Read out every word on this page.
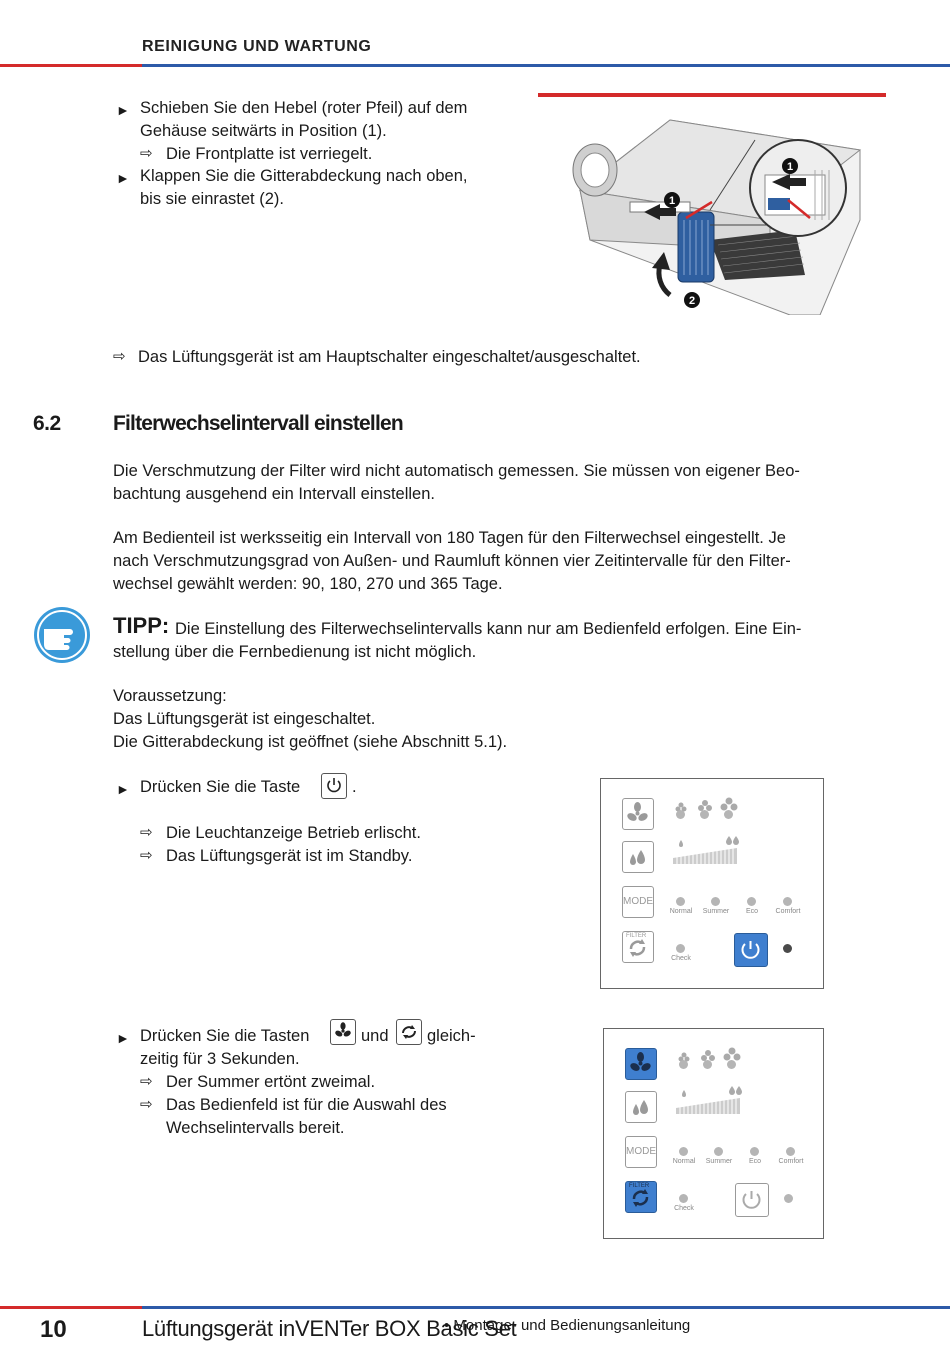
REINIGUNG UND WARTUNG
► Schieben Sie den Hebel (roter Pfeil) auf dem
Gehäuse seitwärts in Position (1).
⇨ Die Frontplatte ist verriegelt.
► Klappen Sie die Gitterabdeckung nach oben,
bis sie einrastet (2).	1
2
1
⇨ Das Lüftungsgerät ist am Hauptschalter eingeschaltet/ausgeschaltet.
6.2 Filterwechselintervall einstellen
Die Verschmutzung der Filter wird nicht automatisch gemessen. Sie müssen von eigener Beo-
bachtung ausgehend ein Intervall einstellen.
Am Bedienteil ist werksseitig ein Intervall von 180 Tagen für den Filterwechsel eingestellt. Je
nach Verschmutzungsgrad von Außen- und Raumluft können vier Zeitintervalle für den Filter-
wechsel gewählt werden: 90, 180, 270 und 365 Tage.
TIPP: Die Einstellung des Filterwechselintervalls kann nur am Bedienfeld erfolgen. Eine Ein-
stellung über die Fernbedienung ist nicht möglich.
Voraussetzung:
Das Lüftungsgerät ist eingeschaltet.
Die Gitterabdeckung ist geöffnet (siehe Abschnitt 5.1).
► Drücken Sie die Taste	.
⇨ Die Leuchtanzeige Betrieb erlischt.
⇨ Das Lüftungsgerät ist im Standby.
MODE
FILTER
Normal	Summer	Eco	Comfort
Check
► Drücken Sie die Tasten	und gleich-
zeitig für 3 Sekunden.
⇨ Der Summer ertönt zweimal.
⇨ Das Bedienfeld ist für die Auswahl des
Wechselintervalls bereit.
MODE
FILTER
Normal	Summer	Eco	Comfort
Check
10	Lüftungsgerät inVENTer BOX Basic Set
• Montage- und Bedienungsanleitung
